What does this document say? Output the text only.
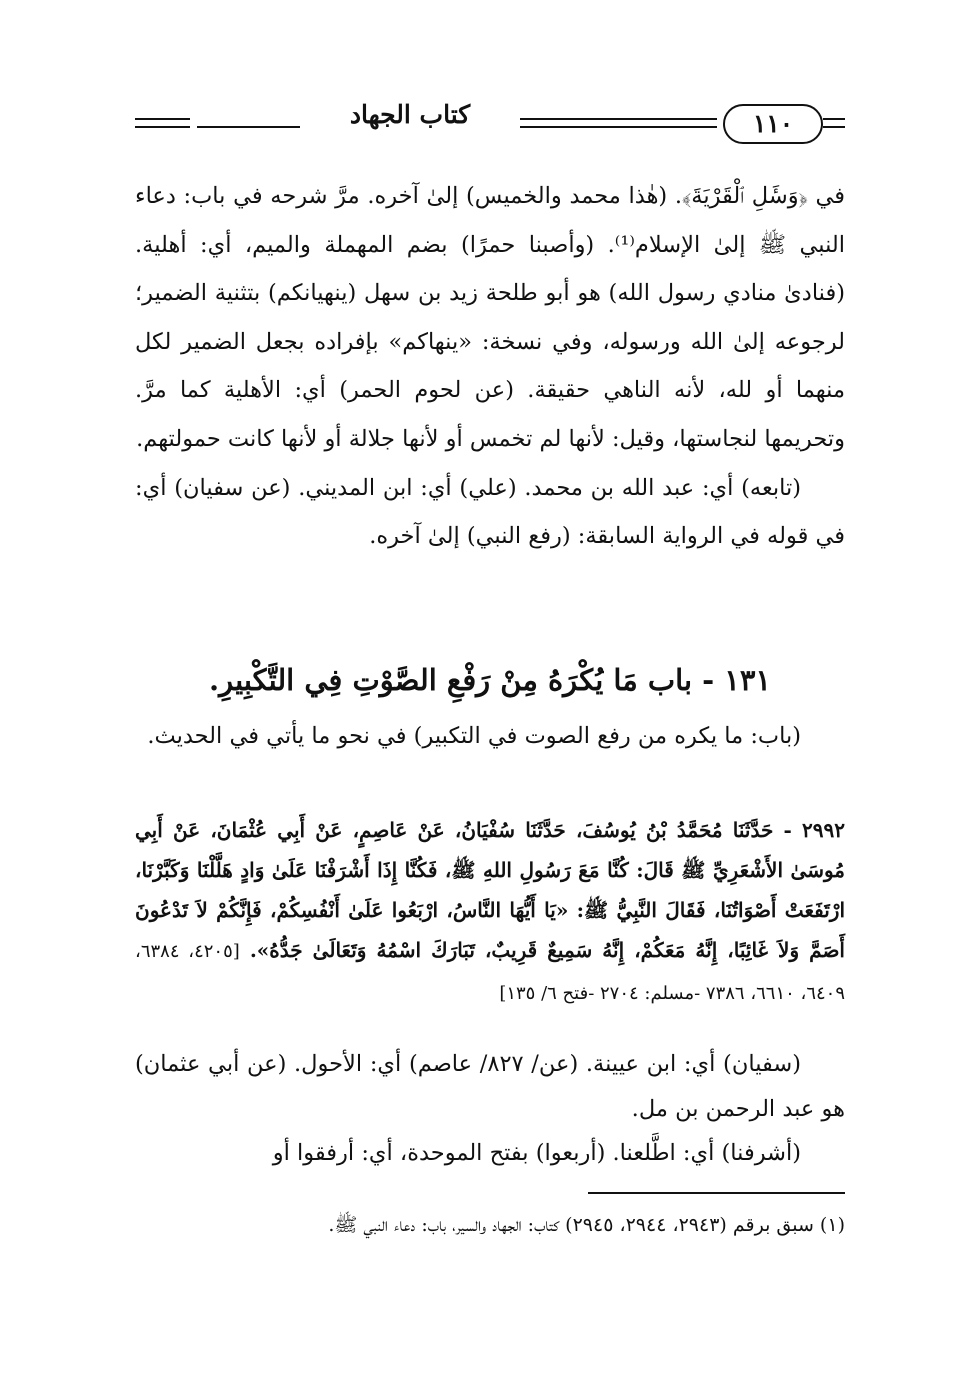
كتاب الجهاد	١١٠

في ﴿وَسَٔلِ ٱلْقَرْيَةَ﴾. (هٰذا محمد والخميس) إلىٰ آخره. مرَّ شرحه في باب: دعاء النبي ﷺ إلىٰ الإسلام⁽¹⁾. (وأصبنا حمرًا) بضم المهملة والميم، أي: أهلية. (فنادىٰ منادي رسول الله) هو أبو طلحة زيد بن سهل (ينهيانكم) بتثنية الضمير؛ لرجوعه إلىٰ الله ورسوله، وفي نسخة: «ينهاكم» بإفراده بجعل الضمير لكل منهما أو لله، لأنه الناهي حقيقة. (عن لحوم الحمر) أي: الأهلية كما مرَّ. وتحريمها لنجاستها، وقيل: لأنها لم تخمس أو لأنها جلالة أو لأنها كانت حمولتهم.

(تابعه) أي: عبد الله بن محمد. (علي) أي: ابن المديني. (عن سفيان) أي: في قوله في الرواية السابقة: (رفع النبي) إلىٰ آخره.

١٣١ - باب مَا يُكْرَهُ مِنْ رَفْعِ الصَّوْتِ فِي التَّكْبِيرِ.

(باب: ما يكره من رفع الصوت في التكبير) في نحو ما يأتي في الحديث.

٢٩٩٢ - حَدَّثَنَا مُحَمَّدُ بْنُ يُوسُفَ، حَدَّثَنَا سُفْيَانُ، عَنْ عَاصِمٍ، عَنْ أَبِي عُثْمَانَ، عَنْ أَبِي مُوسَىٰ الأَشْعَرِيِّ ﷺ قَالَ: كُنَّا مَعَ رَسُولِ اللهِ ﷺ، فَكُنَّا إِذَا أَشْرَفْنَا عَلَىٰ وَادٍ هَلَّلْنَا وَكَبَّرْنَا، ارْتَفَعَتْ أَصْوَاتُنَا، فَقَالَ النَّبِيُّ ﷺ: «يَا أَيُّهَا النَّاسُ، ارْبَعُوا عَلَىٰ أَنْفُسِكُمْ، فَإِنَّكُمْ لاَ تَدْعُونَ أَصَمَّ وَلاَ غَائِبًا، إِنَّهُ مَعَكُمْ، إِنَّهُ سَمِيعٌ قَرِيبٌ، تَبَارَكَ اسْمُهُ وَتَعَالَىٰ جَدُّهُ». [٤٢٠٥، ٦٣٨٤، ٦٤٠٩، ٦٦١٠، ٧٣٨٦ -مسلم: ٢٧٠٤ -فتح ٦/ ١٣٥]

(سفيان) أي: ابن عيينة. (عن/ ٨٢٧/ عاصم) أي: الأحول. (عن أبي عثمان) هو عبد الرحمن بن مل.

(أشرفنا) أي: اطَّلعنا. (أربعوا) بفتح الموحدة، أي: أرفقوا أو

(١) سبق برقم (٢٩٤٣، ٢٩٤٤، ٢٩٤٥) كتاب: الجهاد والسير، باب: دعاء النبي ﷺ.
